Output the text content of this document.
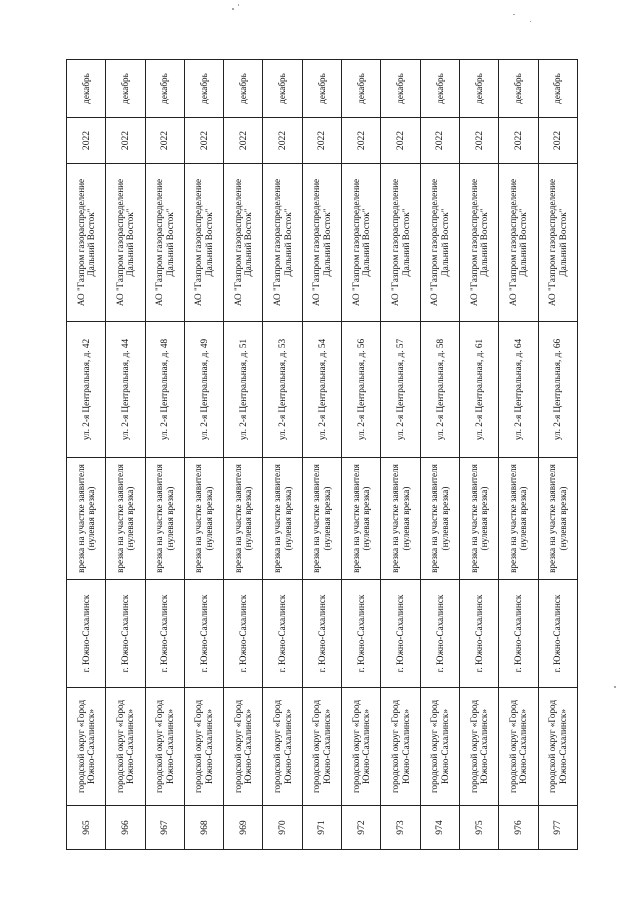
965	городской округ «Город Южно-Сахалинск»	г. Южно-Сахалинск	врезка на участке заявителя (нулевая врезка)	ул. 2-я Центральная, д. 42	АО "Газпром газораспределение Дальний Восток"	2022	декабрь
966	городской округ «Город Южно-Сахалинск»	г. Южно-Сахалинск	врезка на участке заявителя (нулевая врезка)	ул. 2-я Центральная, д. 44	АО "Газпром газораспределение Дальний Восток"	2022	декабрь
967	городской округ «Город Южно-Сахалинск»	г. Южно-Сахалинск	врезка на участке заявителя (нулевая врезка)	ул. 2-я Центральная, д. 48	АО "Газпром газораспределение Дальний Восток"	2022	декабрь
968	городской округ «Город Южно-Сахалинск»	г. Южно-Сахалинск	врезка на участке заявителя (нулевая врезка)	ул. 2-я Центральная, д. 49	АО "Газпром газораспределение Дальний Восток"	2022	декабрь
969	городской округ «Город Южно-Сахалинск»	г. Южно-Сахалинск	врезка на участке заявителя (нулевая врезка)	ул. 2-я Центральная, д. 51	АО "Газпром газораспределение Дальний Восток"	2022	декабрь
970	городской округ «Город Южно-Сахалинск»	г. Южно-Сахалинск	врезка на участке заявителя (нулевая врезка)	ул. 2-я Центральная, д. 53	АО "Газпром газораспределение Дальний Восток"	2022	декабрь
971	городской округ «Город Южно-Сахалинск»	г. Южно-Сахалинск	врезка на участке заявителя (нулевая врезка)	ул. 2-я Центральная, д. 54	АО "Газпром газораспределение Дальний Восток"	2022	декабрь
972	городской округ «Город Южно-Сахалинск»	г. Южно-Сахалинск	врезка на участке заявителя (нулевая врезка)	ул. 2-я Центральная, д. 56	АО "Газпром газораспределение Дальний Восток"	2022	декабрь
973	городской округ «Город Южно-Сахалинск»	г. Южно-Сахалинск	врезка на участке заявителя (нулевая врезка)	ул. 2-я Центральная, д. 57	АО "Газпром газораспределение Дальний Восток"	2022	декабрь
974	городской округ «Город Южно-Сахалинск»	г. Южно-Сахалинск	врезка на участке заявителя (нулевая врезка)	ул. 2-я Центральная, д. 58	АО "Газпром газораспределение Дальний Восток"	2022	декабрь
975	городской округ «Город Южно-Сахалинск»	г. Южно-Сахалинск	врезка на участке заявителя (нулевая врезка)	ул. 2-я Центральная, д. 61	АО "Газпром газораспределение Дальний Восток"	2022	декабрь
976	городской округ «Город Южно-Сахалинск»	г. Южно-Сахалинск	врезка на участке заявителя (нулевая врезка)	ул. 2-я Центральная, д. 64	АО "Газпром газораспределение Дальний Восток"	2022	декабрь
977	городской округ «Город Южно-Сахалинск»	г. Южно-Сахалинск	врезка на участке заявителя (нулевая врезка)	ул. 2-я Центральная, д. 66	АО "Газпром газораспределение Дальний Восток"	2022	декабрь
